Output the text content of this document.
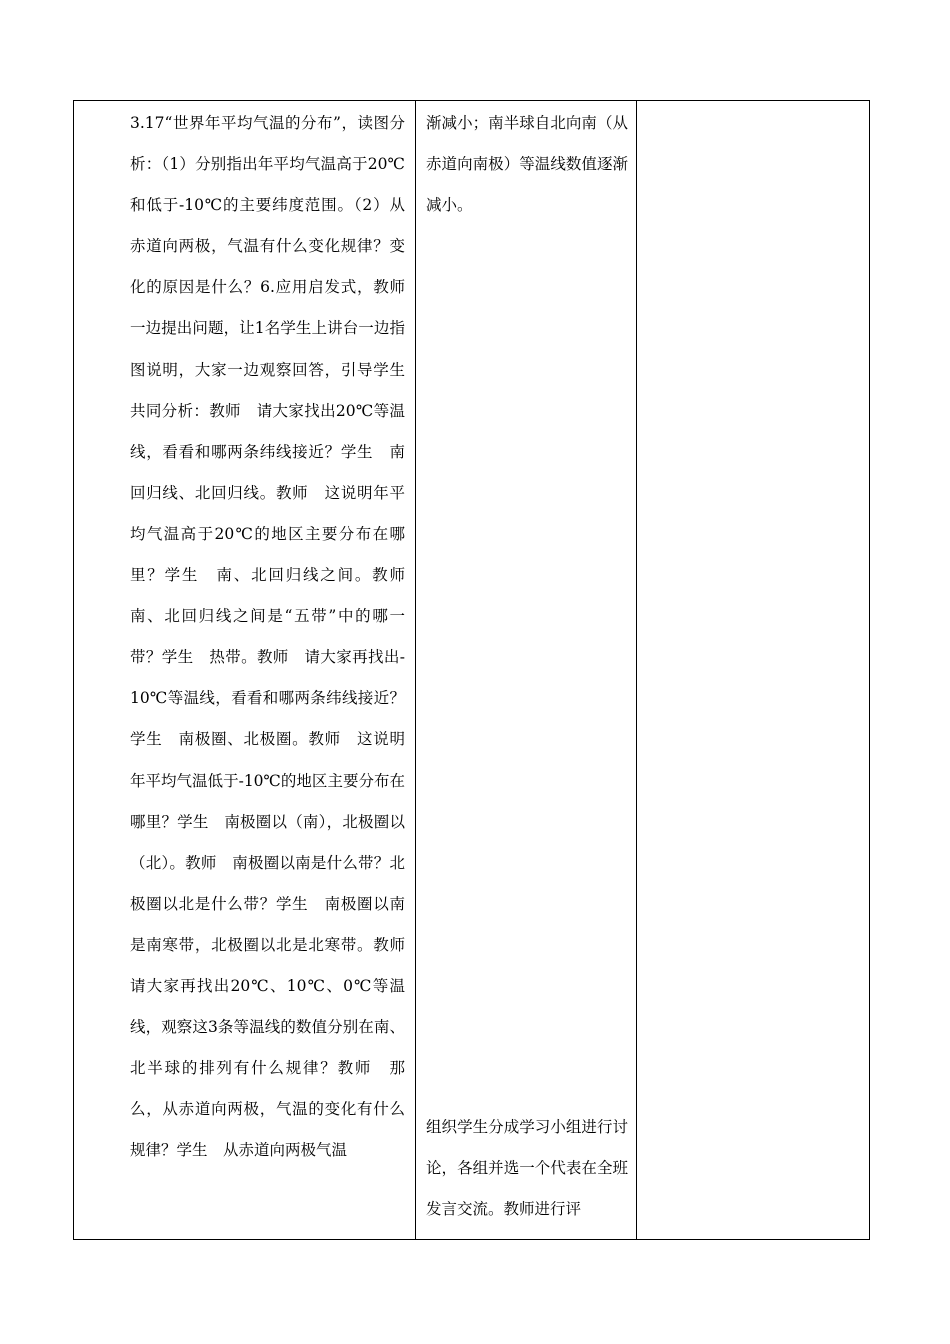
3.17“世界年平均气温的分布”，读图分析：（1）分别指出年平均气温高于20℃和低于-10℃的主要纬度范围。（2）从赤道向两极，气温有什么变化规律？变化的原因是什么？6.应用启发式，教师一边提出问题，让1名学生上讲台一边指图说明，大家一边观察回答，引导学生共同分析：教师　请大家找出20℃等温线，看看和哪两条纬线接近？学生　南回归线、北回归线。教师　这说明年平均气温高于20℃的地区主要分布在哪里？学生　南、北回归线之间。教师　南、北回归线之间是“五带”中的哪一带？学生　热带。教师　请大家再找出-10℃等温线，看看和哪两条纬线接近？学生　南极圈、北极圈。教师　这说明年平均气温低于-10℃的地区主要分布在哪里？学生　南极圈以（南），北极圈以（北）。教师　南极圈以南是什么带？北极圈以北是什么带？学生　南极圈以南是南寒带，北极圈以北是北寒带。教师　请大家再找出20℃、10℃、0℃等温线，观察这3条等温线的数值分别在南、北半球的排列有什么规律？教师　那么，从赤道向两极，气温的变化有什么规律？学生　从赤道向两极气温

渐减小；南半球自北向南（从赤道向南极）等温线数值逐渐减小。
组织学生分成学习小组进行讨论，各组并选一个代表在全班发言交流。教师进行评
